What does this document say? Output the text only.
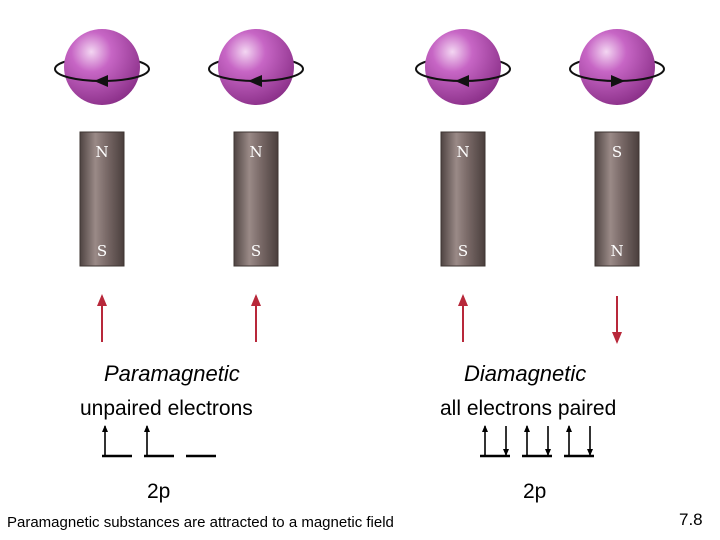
N
S
N
S
N
S
S
N
Paramagnetic
unpaired electrons
2p
Diamagnetic
all electrons paired
2p
Paramagnetic substances are attracted to a magnetic field	7.8
